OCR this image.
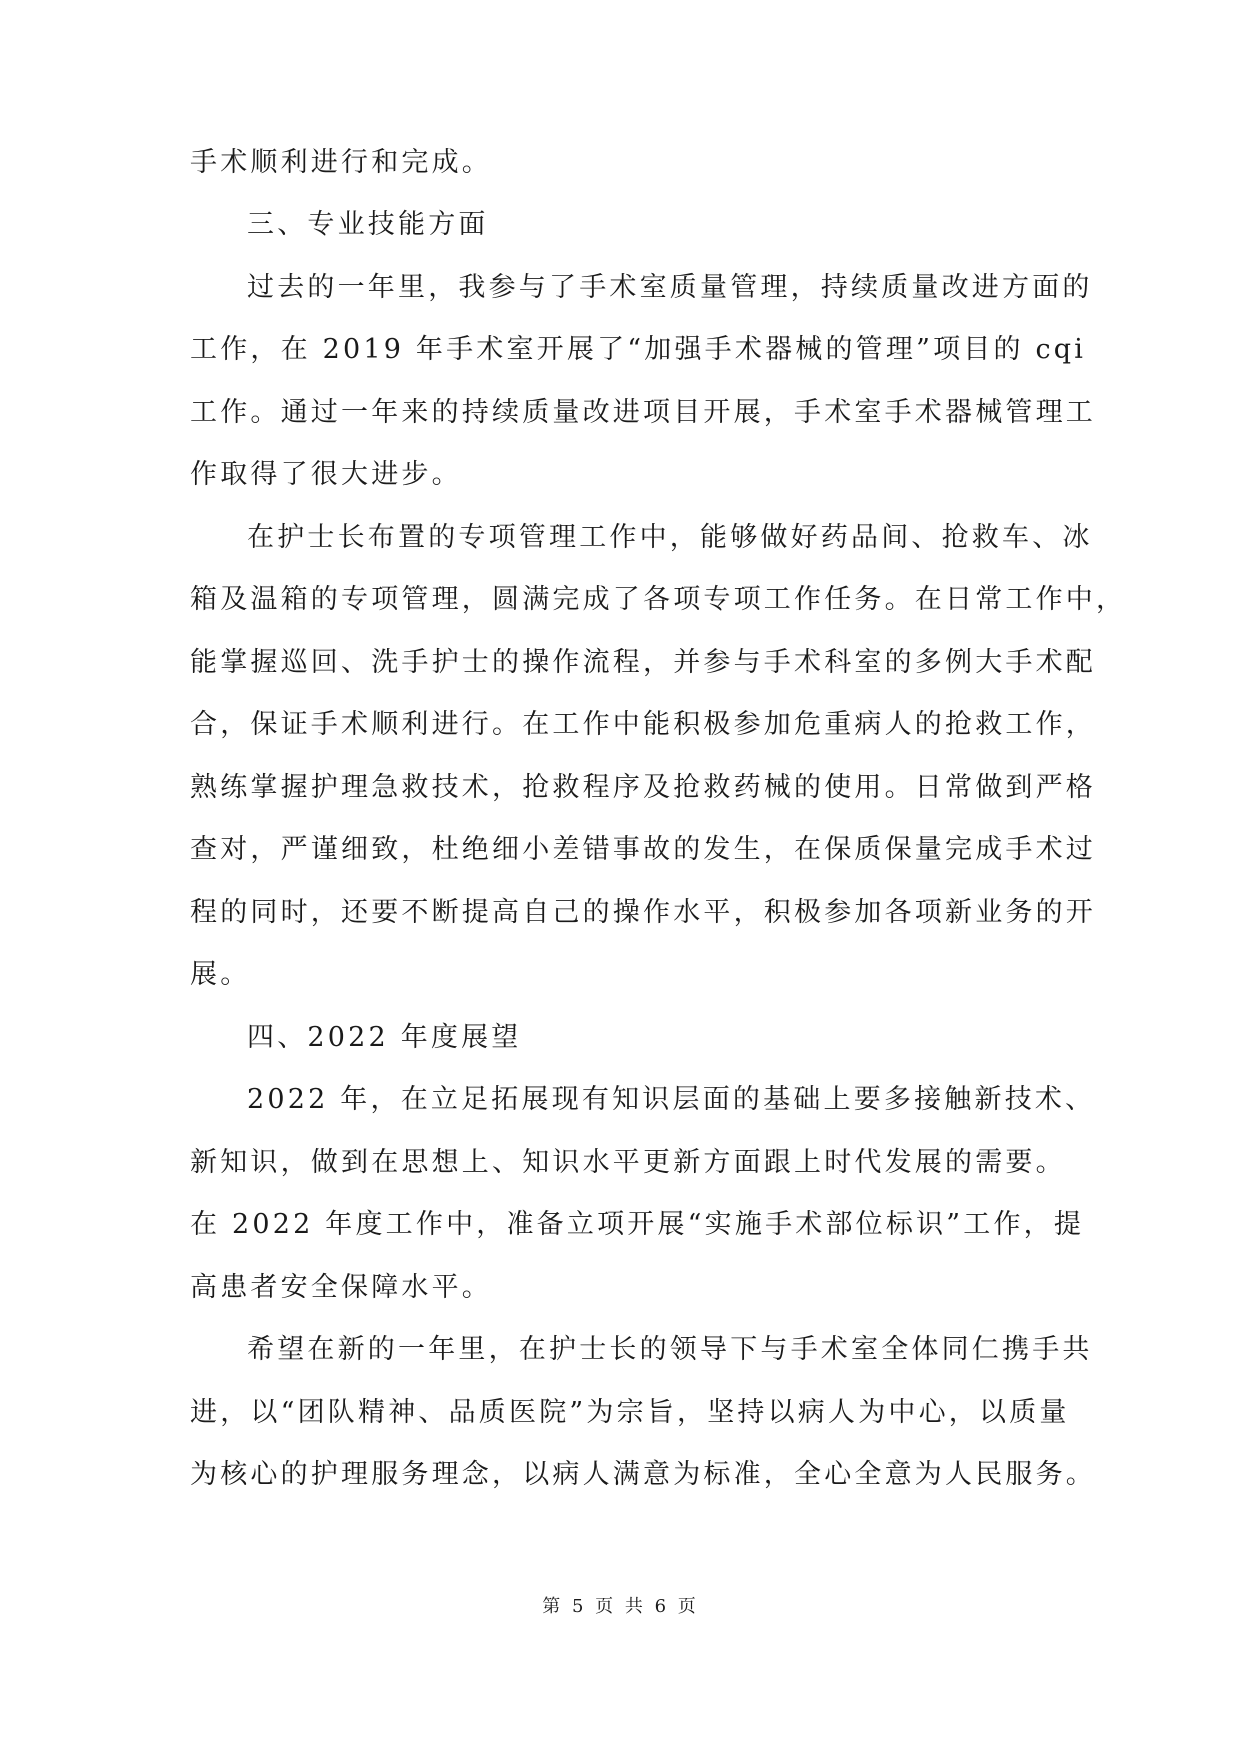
手术顺利进行和完成。
三、专业技能方面
过去的一年里，我参与了手术室质量管理，持续质量改进方面的
工作，在 2019 年手术室开展了“加强手术器械的管理”项目的 cqi
工作。通过一年来的持续质量改进项目开展，手术室手术器械管理工
作取得了很大进步。
在护士长布置的专项管理工作中，能够做好药品间、抢救车、冰
箱及温箱的专项管理，圆满完成了各项专项工作任务。在日常工作中，
能掌握巡回、洗手护士的操作流程，并参与手术科室的多例大手术配
合，保证手术顺利进行。在工作中能积极参加危重病人的抢救工作，
熟练掌握护理急救技术，抢救程序及抢救药械的使用。日常做到严格
查对，严谨细致，杜绝细小差错事故的发生，在保质保量完成手术过
程的同时，还要不断提高自己的操作水平，积极参加各项新业务的开
展。
四、2022 年度展望
2022 年，在立足拓展现有知识层面的基础上要多接触新技术、
新知识，做到在思想上、知识水平更新方面跟上时代发展的需要。
在 2022 年度工作中，准备立项开展“实施手术部位标识”工作，提
高患者安全保障水平。
希望在新的一年里，在护士长的领导下与手术室全体同仁携手共
进，以“团队精神、品质医院”为宗旨，坚持以病人为中心，以质量
为核心的护理服务理念，以病人满意为标准，全心全意为人民服务。
第 5 页 共 6 页
